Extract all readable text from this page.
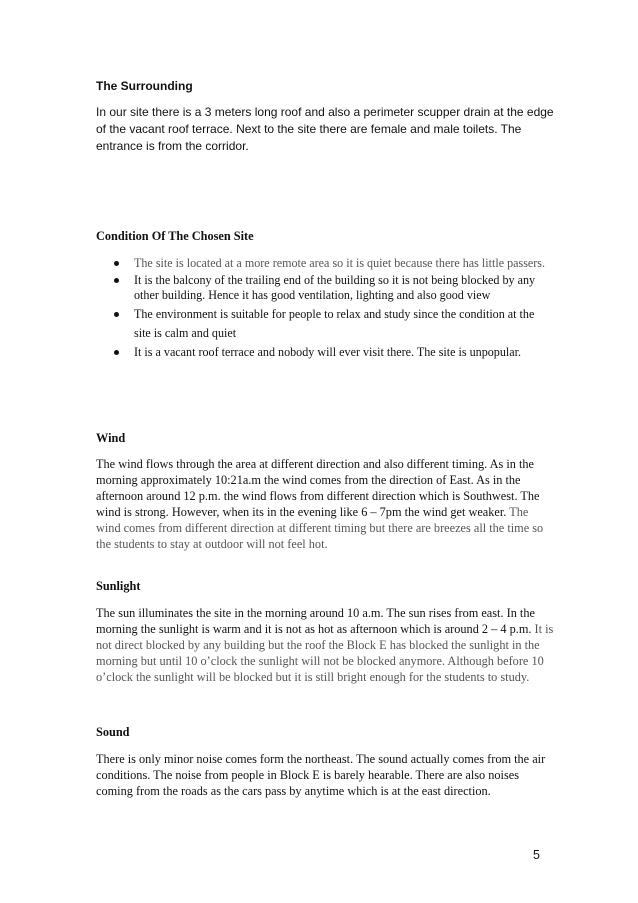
The Surrounding

In our site there is a 3 meters long roof and also a perimeter scupper drain at the edge of the vacant roof terrace. Next to the site there are female and male toilets. The entrance is from the corridor.

Condition Of The Chosen Site
The site is located at a more remote area so it is quiet because there has little passers.
It is the balcony of the trailing end of the building so it is not being blocked by any other building. Hence it has good ventilation, lighting and also good view
The environment is suitable for people to relax and study since the condition at the site is calm and quiet
It is a vacant roof terrace and nobody will ever visit there. The site is unpopular.
Wind

The wind flows through the area at different direction and also different timing. As in the morning approximately 10:21a.m the wind comes from the direction of East. As in the afternoon around 12 p.m. the wind flows from different direction which is Southwest. The wind is strong. However, when its in the evening like 6 – 7pm the wind get weaker. The wind comes from different direction at different timing but there are breezes all the time so the students to stay at outdoor will not feel hot.

Sunlight

The sun illuminates the site in the morning around 10 a.m. The sun rises from east. In the morning the sunlight is warm and it is not as hot as afternoon which is around 2 – 4 p.m. It is not direct blocked by any building but the roof the Block E has blocked the sunlight in the morning but until 10 o’clock the sunlight will not be blocked anymore. Although before 10 o’clock the sunlight will be blocked but it is still bright enough for the students to study.

Sound

There is only minor noise comes form the northeast. The sound actually comes from the air conditions. The noise from people in Block E is barely hearable. There are also noises coming from the roads as the cars pass by anytime which is at the east direction.

5
